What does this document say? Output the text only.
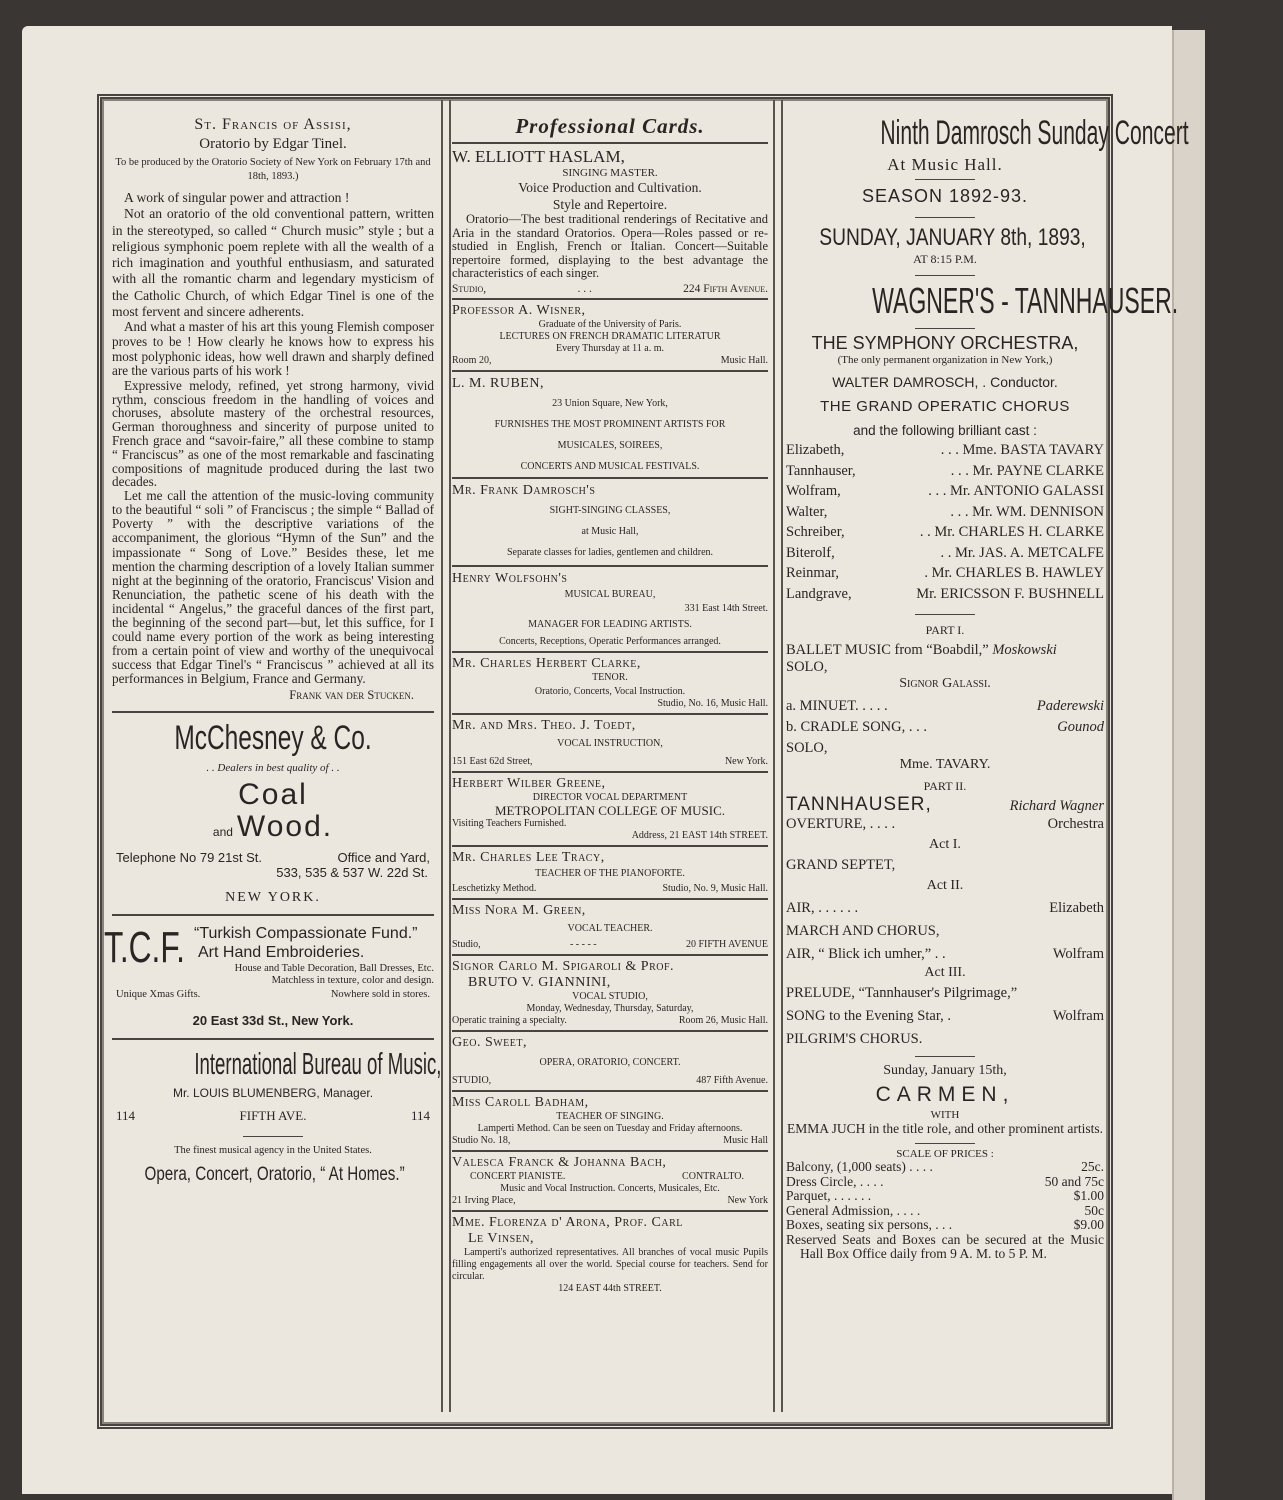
St. Francis of Assisi,

Oratorio by Edgar Tinel.

To be produced by the Oratorio Society of New York on February 17th and 18th, 1893.)

A work of singular power and attraction !

Not an oratorio of the old conventional pattern, written in the stereotyped, so called “ Church music” style ; but a religious symphonic poem replete with all the wealth of a rich imagination and youthful enthusiasm, and saturated with all the romantic charm and legendary mysticism of the Catholic Church, of which Edgar Tinel is one of the most fervent and sincere adherents.

And what a master of his art this young Flemish composer proves to be ! How clearly he knows how to express his most polyphonic ideas, how well drawn and sharply defined are the various parts of his work !

Expressive melody, refined, yet strong harmony, vivid rythm, conscious freedom in the handling of voices and choruses, absolute mastery of the orchestral resources, German thoroughness and sincerity of purpose united to French grace and “savoir-faire,” all these combine to stamp “ Franciscus” as one of the most remarkable and fascinating compositions of magnitude produced during the last two decades.

Let me call the attention of the music-loving community to the beautiful “ soli ” of Franciscus ; the simple “ Ballad of Poverty ” with the descriptive variations of the accompaniment, the glorious “Hymn of the Sun” and the impassionate “ Song of Love.” Besides these, let me mention the charming description of a lovely Italian summer night at the beginning of the oratorio, Franciscus' Vision and Renunciation, the pathetic scene of his death with the incidental “ Angelus,” the graceful dances of the first part, the beginning of the second part—but, let this suffice, for I could name every portion of the work as being interesting from a certain point of view and worthy of the unequivocal success that Edgar Tinel's “ Franciscus ” achieved at all its performances in Belgium, France and Germany.

Frank van der Stucken.

McChesney & Co.

. . Dealers in best quality of . .

Coal

and Wood.

Telephone No 79 21st St.	Office and Yard,

533, 535 & 537 W. 22d St.

NEW YORK.

T.C.F. “Turkish Compassionate Fund.”

Art Hand Embroideries.

House and Table Decoration, Ball Dresses, Etc. Matchless in texture, color and design.

Unique Xmas Gifts.	Nowhere sold in stores.

20 East 33d St., New York.

International Bureau of Music,

Mr. LOUIS BLUMENBERG, Manager.

114	FIFTH AVE.	114

The finest musical agency in the United States.

Opera, Concert, Oratorio, “ At Homes.”

Professional Cards.

W. ELLIOTT HASLAM,

SINGING MASTER.

Voice Production and Cultivation.

Style and Repertoire.

Oratorio—The best traditional renderings of Recitative and Aria in the standard Oratorios. Opera—Roles passed or re-studied in English, French or Italian. Concert—Suitable repertoire formed, displaying to the best advantage the characteristics of each singer.

Studio,	. . .	224 Fifth Avenue.

Professor A. Wisner,

Graduate of the University of Paris.

LECTURES ON FRENCH DRAMATIC LITERATUR

Every Thursday at 11 a. m.

Room 20,	Music Hall.

L. M. RUBEN,

23 Union Square, New York,

FURNISHES THE MOST PROMINENT ARTISTS FOR

MUSICALES, SOIREES,

CONCERTS AND MUSICAL FESTIVALS.

Mr. Frank Damrosch's

SIGHT-SINGING CLASSES,

at Music Hall,

Separate classes for ladies, gentlemen and children.

Henry Wolfsohn's

MUSICAL BUREAU,

331 East 14th Street.

MANAGER FOR LEADING ARTISTS.

Concerts, Receptions, Operatic Performances arranged.

Mr. Charles Herbert Clarke,

TENOR.

Oratorio, Concerts, Vocal Instruction.

Studio, No. 16, Music Hall.

Mr. and Mrs. Theo. J. Toedt,

VOCAL INSTRUCTION,

151 East 62d Street,	New York.

Herbert Wilber Greene,

DIRECTOR VOCAL DEPARTMENT

METROPOLITAN COLLEGE OF MUSIC.

Visiting Teachers Furnished.

Address, 21 EAST 14th STREET.

Mr. Charles Lee Tracy,

TEACHER OF THE PIANOFORTE.

Leschetizky Method.	Studio, No. 9, Music Hall.

Miss Nora M. Green,

VOCAL TEACHER.

Studio,	- - - - -	20 FIFTH AVENUE

Signor Carlo M. Spigaroli & Prof.

BRUTO V. GIANNINI,

VOCAL STUDIO,

Monday, Wednesday, Thursday, Saturday,

Operatic training a specialty.	Room 26, Music Hall.

Geo. Sweet,

OPERA, ORATORIO, CONCERT.

STUDIO,	487 Fifth Avenue.

Miss Caroll Badham,

TEACHER OF SINGING.

Lamperti Method. Can be seen on Tuesday and Friday afternoons.

Studio No. 18,	Music Hall

Valesca Franck & Johanna Bach,

CONCERT PIANISTE.	CONTRALTO.

Music and Vocal Instruction. Concerts, Musicales, Etc.

21 Irving Place,	New York

Mme. Florenza d' Arona, Prof. Carl

Le Vinsen,

Lamperti's authorized representatives. All branches of vocal music Pupils filling engagements all over the world. Special course for teachers. Send for circular.

124 EAST 44th STREET.

Ninth Damrosch Sunday Concert

At Music Hall.

SEASON 1892-93.

SUNDAY, JANUARY 8th, 1893,

AT 8:15 P.M.

WAGNER'S - TANNHAUSER.

THE SYMPHONY ORCHESTRA,

(The only permanent organization in New York,)

WALTER DAMROSCH, . Conductor.

THE GRAND OPERATIC CHORUS

and the following brilliant cast :

Elizabeth,	. . . Mme. BASTA TAVARY
Tannhauser,	. . . Mr. PAYNE CLARKE
Wolfram,	. . . Mr. ANTONIO GALASSI
Walter,	. . . Mr. WM. DENNISON
Schreiber,	. . Mr. CHARLES H. CLARKE
Biterolf,	. . Mr. JAS. A. METCALFE
Reinmar,	. Mr. CHARLES B. HAWLEY
Landgrave,	Mr. ERICSSON F. BUSHNELL

PART I.

BALLET MUSIC from “Boabdil,”
Moskowski

SOLO,

Signor Galassi.

a. MINUET. . . . .	Paderewski
b. CRADLE SONG, . . .	Gounod

SOLO,

Mme. TAVARY.

PART II.

TANNHAUSER,	Richard Wagner
OVERTURE, . . . .	Orchestra

Act I.

GRAND SEPTET,

Act II.

AIR, . . . . . .	Elizabeth

MARCH AND CHORUS,

AIR, “ Blick ich umher,” . .	Wolfram

Act III.

PRELUDE, “Tannhauser's Pilgrimage,”

SONG to the Evening Star, .	Wolfram

PILGRIM'S CHORUS.

Sunday, January 15th,

CARMEN,

WITH

EMMA JUCH in the title role, and other prominent artists.

SCALE OF PRICES :

Balcony, (1,000 seats) . . . .	25c.
Dress Circle, . . . .	50 and 75c
Parquet, . . . . . .	$1.00
General Admission, . . . .	50c
Boxes, seating six persons, . . .	$9.00

Reserved Seats and Boxes can be secured at the Music Hall Box Office daily from 9 A. M. to 5 P. M.
